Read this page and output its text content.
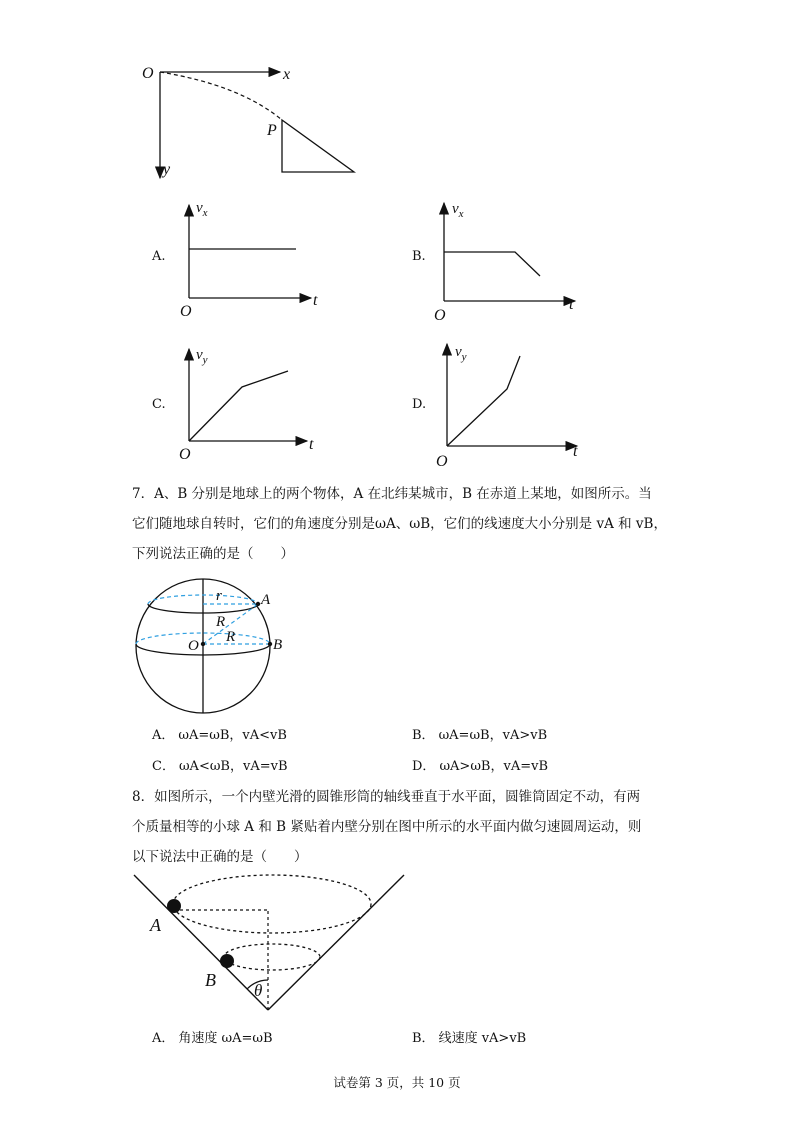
O	x
y
P
A.
$v_x$
t
O
B.
$v_x$
t
O
C.
$v_y$
t
O
D.
$v_y$
t
O
7．A、B 分别是地球上的两个物体，A 在北纬某城市，B 在赤道上某地，如图所示。当
它们随地球自转时，它们的角速度分别是ωA、ωB，它们的线速度大小分别是 vA 和 vB，
下列说法正确的是（　　）
r	A
R
R
O	B
A． ωA=ωB，vA<vB	B． ωA=ωB，vA>vB
C． ωA<ωB，vA=vB	D． ωA>ωB，vA=vB
8．如图所示，一个内壁光滑的圆锥形筒的轴线垂直于水平面，圆锥筒固定不动，有两
个质量相等的小球 A 和 B 紧贴着内壁分别在图中所示的水平面内做匀速圆周运动，则
以下说法中正确的是（　　）
A
B
θ
A． 角速度 ωA=ωB	B． 线速度 vA>vB
试卷第 3 页，共 10 页
